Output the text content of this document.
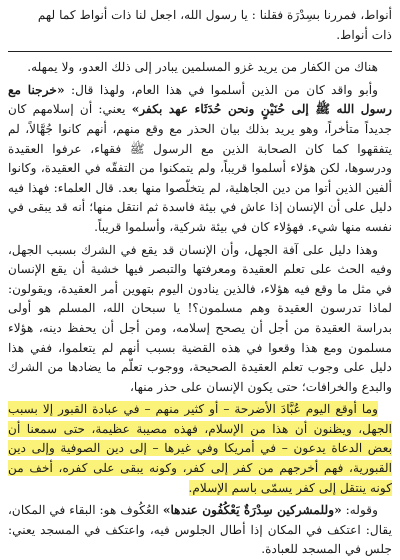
أنواط، فمررنا بسِدْرَة فقلنا : يا رسول الله، اجعل لنا ذات أنواط كما لهم

ذات أنواط.

هناك من الكفار من يريد غزو المسلمين يبادر إلى ذلك العدو، ولا يمهله.

وأبو واقد كان من الذين أسلموا في هذا العام، ولهذا قال: «خرجنا مع رسول الله ﷺ إلى حُنَيْنٍ ونحن حُدَثَاء عهد بكفر» يعني: أن إسلامهم كان جديداً متأخراً، وهو يريد بذلك بيان الحذر مع وقع منهم، أنهم كانوا جُهَّالاً، لم يتفقهوا كما كان الصحابة الذين مع الرسول ﷺ فقهاء، عرفوا العقيدة ودرسوها، لكن هؤلاء أسلموا قريباً، ولم يتمكنوا من التفقّه في العقيدة، وكانوا ألفين الذين أتوا من دين الجاهلية، لم يتخلّصوا منها بعد. قال العلماء: فهذا فيه دليل على أن الإنسان إذا عاش في بيئة فاسدة ثم انتقل منها؛ أنه قد يبقى في نفسه منها شيء. فهؤلاء كان في بيئة شركية، وأسلموا قريباً.

وهذا دليل على آفة الجهل، وأن الإنسان قد يقع في الشرك بسبب الجهل، وفيه الحث على تعلم العقيدة ومعرفتها والتبصر فيها خشية أن يقع الإنسان في مثل ما وقع فيه هؤلاء، فالذين ينادون اليوم بتهوين أمر العقيدة، ويقولون: لماذا تدرسون العقيدة وهم مسلمون؟! يا سبحان الله، المسلم هو أولى بدراسة العقيدة من أجل أن يصحح إسلامه، ومن أجل أن يحفظ دينه، هؤلاء مسلمون ومع هذا وقعوا في هذه القضية بسبب أنهم لم يتعلموا، ففي هذا دليل على وجوب تعلم العقيدة الصحيحة، ووجوب تعلّم ما يضادها من الشرك والبدع والخرافات؛ حتى يكون الإنسان على حذر منها،

وما أوقع اليوم عُبَّادَ الأضرحة – أو كثير منهم – في عبادة القبور إلا بسبب الجهل، ويظنون أن هذا من الإسلام، فهذه مصيبة عظيمة، حتى سمعنا أن بعض الدعاة يدعون – في أمريكا وفي غيرها – إلى دين الصوفية وإلى دين القبورية، فهم أخرجهم من كفر إلى كفر، وكونه يبقى على كفره، أخف من كونه ينتقل إلى كفر يسمّى باسم الإسلام.

وقوله: «وللمشركين سِدْرَةٌ يَعْكُفُون عندها» العُكُوف هو: البقاء في المكان، يقال: اعتكف في المكان إذا أطال الجلوس فيه، واعتكف في المسجد يعني: جلس في المسجد للعبادة.
